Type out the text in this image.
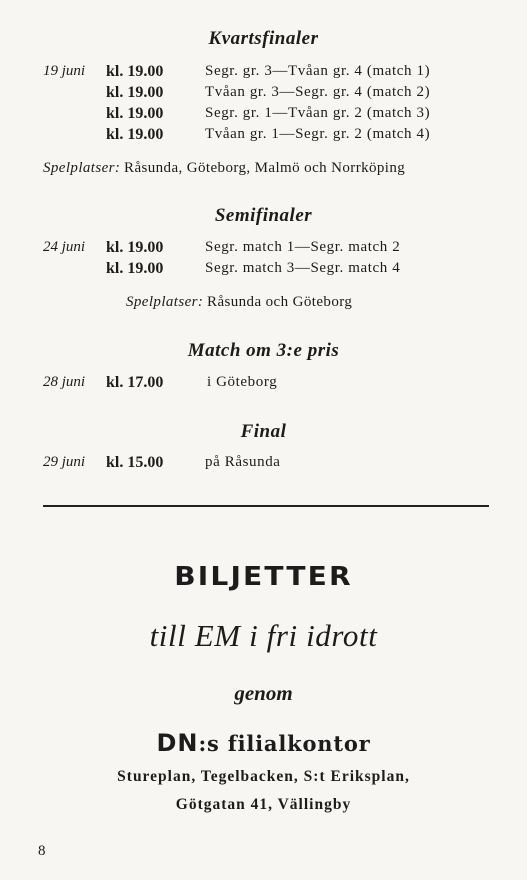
Kvartsfinaler
19 juni kl. 19.00	Segr. gr. 3—Tvåan gr. 4 (match 1)
kl. 19.00	Tvåan gr. 3—Segr. gr. 4 (match 2)
kl. 19.00	Segr. gr. 1—Tvåan gr. 2 (match 3)
kl. 19.00	Tvåan gr. 1—Segr. gr. 2 (match 4)
Spelplatser: Råsunda, Göteborg, Malmö och Norrköping
Semifinaler
24 juni kl. 19.00	Segr. match 1—Segr. match 2
kl. 19.00	Segr. match 3—Segr. match 4
Spelplatser: Råsunda och Göteborg
Match om 3:e pris
28 juni kl. 17.00	i Göteborg
Final
29 juni kl. 15.00	på Råsunda
BILJETTER
till EM i fri idrott
genom
DN:s filialkontor
Stureplan, Tegelbacken, S:t Eriksplan,
Götgatan 41, Vällingby
8
